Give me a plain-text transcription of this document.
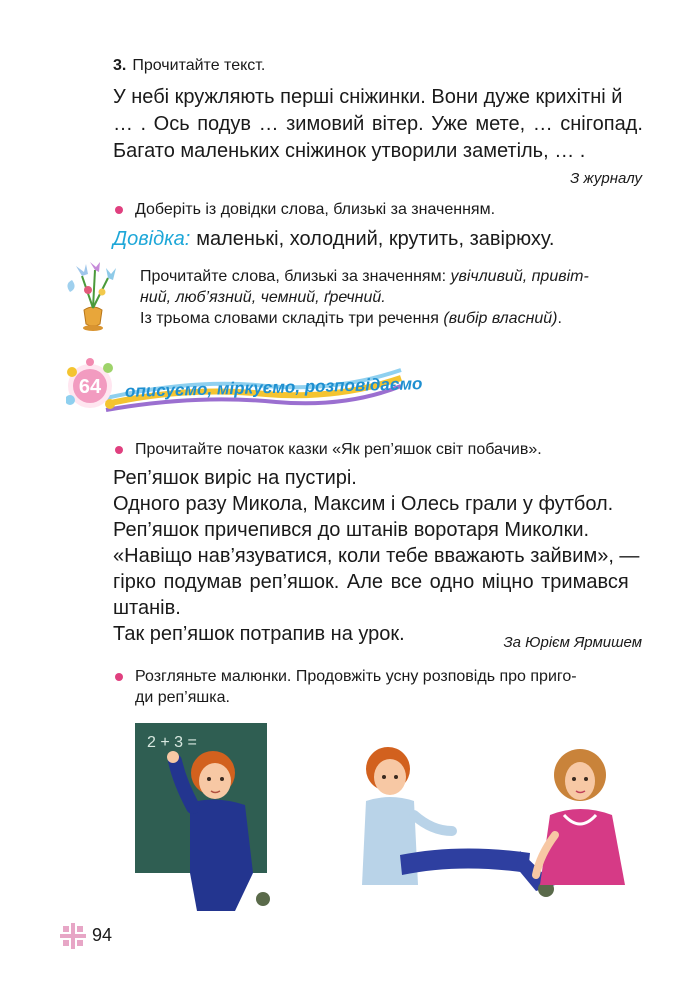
3. Прочитайте текст.
У небі кружляють перші сніжинки. Вони дуже крихітні й
… . Ось подув … зимовий вітер. Уже мете, … снігопад.
Багато маленьких сніжинок утворили заметіль, … .
З журналу
Доберіть із довідки слова, близькі за значенням.
Довідка: маленькі, холодний, крутить, завірюху.
Прочитайте слова, близькі за значенням: увічливий, привіт-
ний, люб’язний, чемний, ґречний.
Із трьома словами складіть три речення (вибір власний).
64	описуємо, міркуємо, розповідаємо
Прочитайте початок казки «Як реп’яшок світ побачив».
Реп’яшок виріс на пустирі.
Одного разу Микола, Максим і Олесь грали у футбол.
Реп’яшок причепився до штанів воротаря Миколки.
«Навіщо нав’язуватися, коли тебе вважають зайвим», —
гірко подумав реп’яшок. Але все одно міцно тримався
штанів.
Так реп’яшок потрапив на урок.	За Юрієм Ярмишем
Розгляньте малюнки. Продовжіть усну розповідь про приго-
ди реп’яшка.
2 + 3 =
94
